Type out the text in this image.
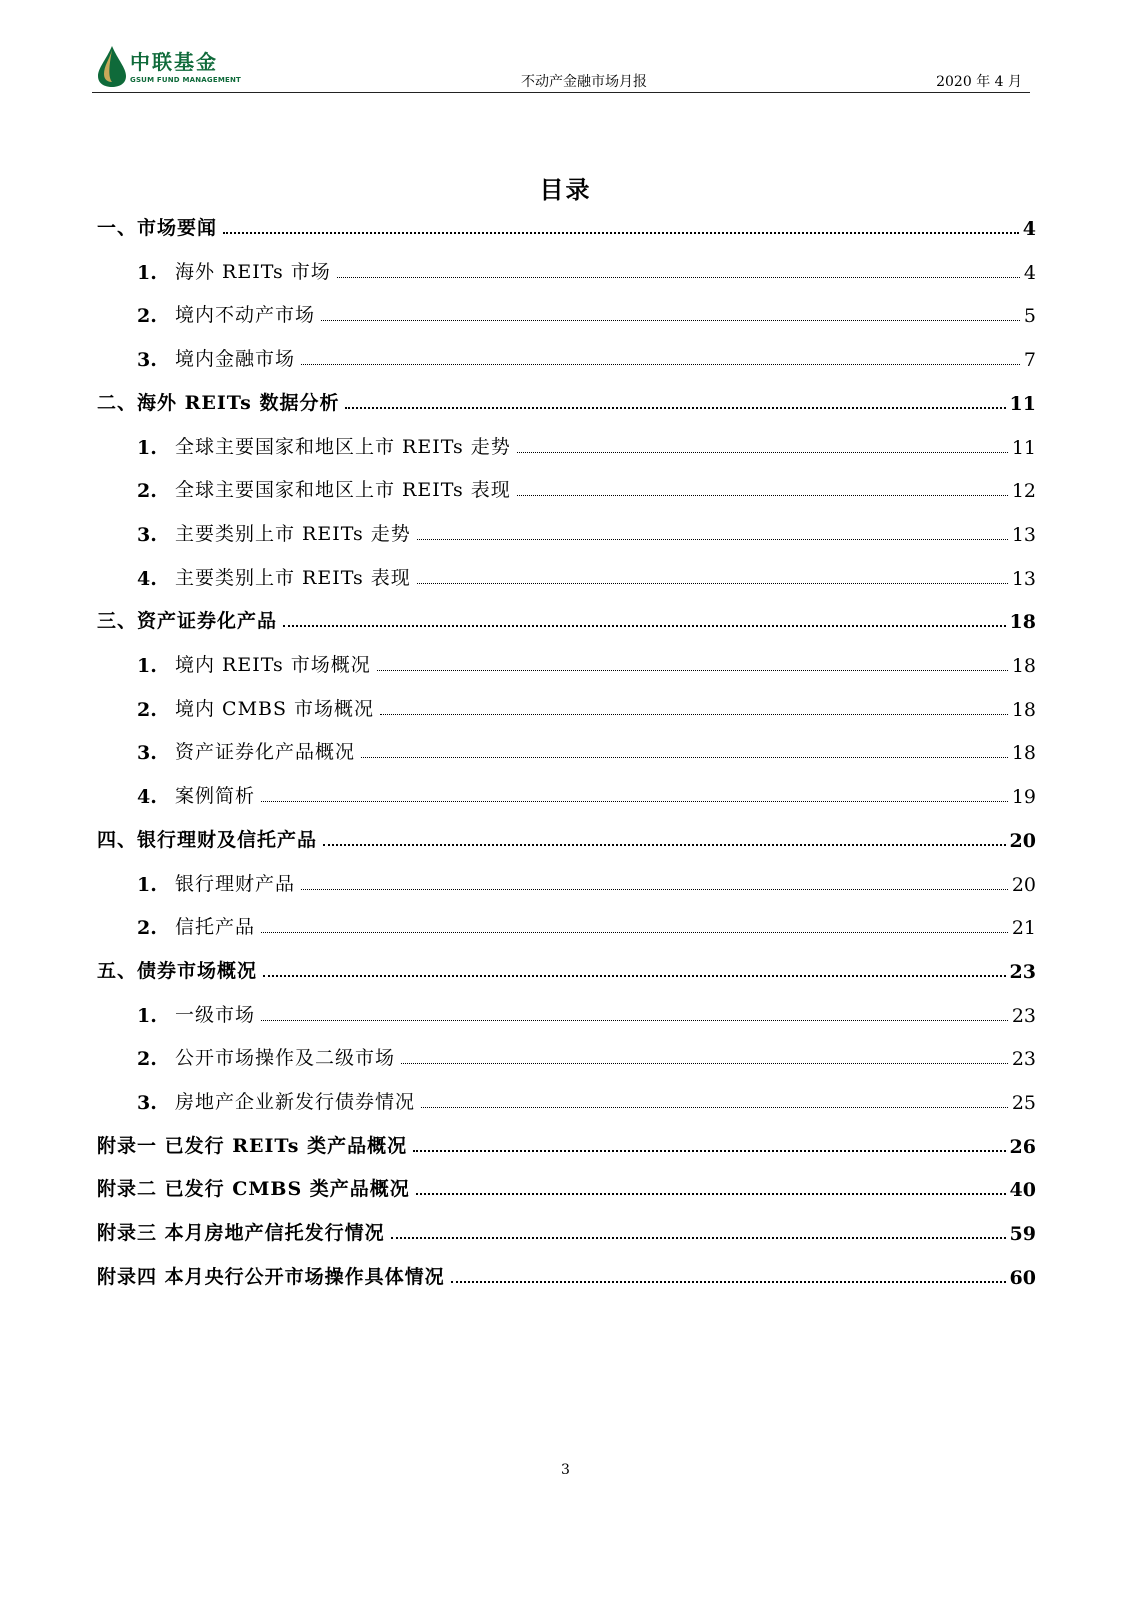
中联基金
GSUM FUND MANAGEMENT	不动产金融市场月报	2020 年 4 月
目录
一、市场要闻	4
1. 海外 REITs 市场	4
2. 境内不动产市场	5
3. 境内金融市场	7
二、海外 REITs 数据分析	11
1. 全球主要国家和地区上市 REITs 走势	11
2. 全球主要国家和地区上市 REITs 表现	12
3. 主要类别上市 REITs 走势	13
4. 主要类别上市 REITs 表现	13
三、资产证券化产品	18
1. 境内 REITs 市场概况	18
2. 境内 CMBS 市场概况	18
3. 资产证券化产品概况	18
4. 案例简析	19
四、银行理财及信托产品	20
1. 银行理财产品	20
2. 信托产品	21
五、债券市场概况	23
1. 一级市场	23
2. 公开市场操作及二级市场	23
3. 房地产企业新发行债券情况	25
附录一 已发行 REITs 类产品概况	26
附录二 已发行 CMBS 类产品概况	40
附录三 本月房地产信托发行情况	59
附录四 本月央行公开市场操作具体情况	60
3
